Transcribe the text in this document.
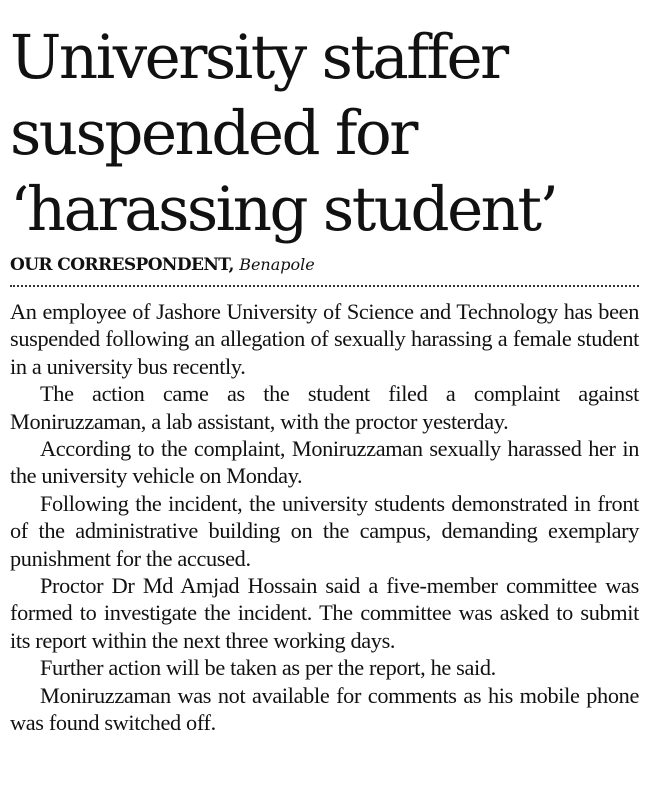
University staffer
suspended for
‘harassing student’
OUR CORRESPONDENT, Benapole

An employee of Jashore University of Science and Technology has been suspended following an allegation of sexually harassing a female student in a university bus recently.

The action came as the student filed a complaint against Moniruzzaman, a lab assistant, with the proctor yesterday.

According to the complaint, Moniruzzaman sexually harassed her in the university vehicle on Monday.

Following the incident, the university students demonstrated in front of the administrative building on the campus, demanding exemplary punishment for the accused.

Proctor Dr Md Amjad Hossain said a five-member committee was formed to investigate the incident. The committee was asked to submit its report within the next three working days.

Further action will be taken as per the report, he said.

Moniruzzaman was not available for comments as his mobile phone was found switched off.
